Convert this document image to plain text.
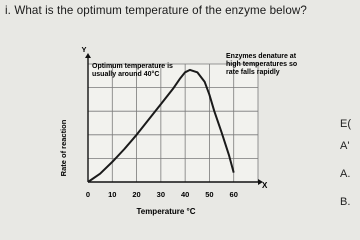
i. What is the optimum temperature of the enzyme below?
0 10 20 30 40 50 60
Optimum temperature is
usually around 40°C
Enzymes denature at
high temperatures so
rate falls rapidly
Rate of reaction
Temperature °C
Y
X
E(
A'
A.
B.
